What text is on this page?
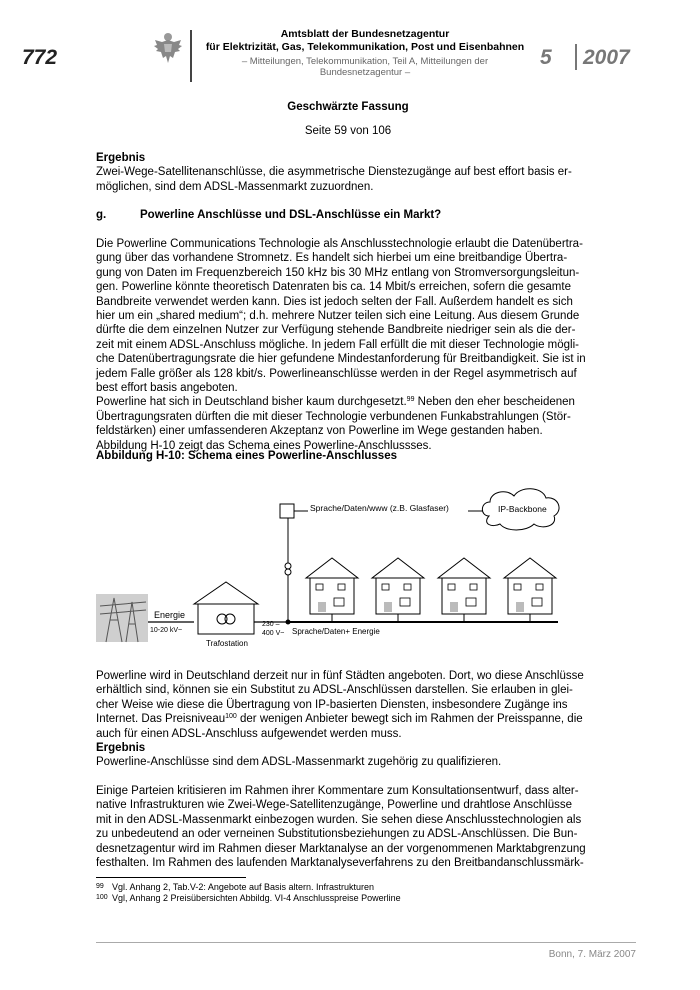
772
Amtsblatt der Bundesnetzagentur
für Elektrizität, Gas, Telekommunikation, Post und Eisenbahnen
– Mitteilungen, Telekommunikation, Teil A, Mitteilungen der Bundesnetzagentur –
5 2007
Geschwärzte Fassung
Seite 59 von 106
Ergebnis
Zwei-Wege-Satellitenanschlüsse, die asymmetrische Dienstezugänge auf best effort basis er-
möglichen, sind dem ADSL-Massenmarkt zuzuordnen.
g.	Powerline Anschlüsse und DSL-Anschlüsse ein Markt?
Die Powerline Communications Technologie als Anschlusstechnologie erlaubt die Datenübertra-
gung über das vorhandene Stromnetz. Es handelt sich hierbei um eine breitbandige Übertra-
gung von Daten im Frequenzbereich 150 kHz bis 30 MHz entlang von Stromversorgungsleitun-
gen. Powerline könnte theoretisch Datenraten bis ca. 14 Mbit/s erreichen, sofern die gesamte
Bandbreite verwendet werden kann. Dies ist jedoch selten der Fall. Außerdem handelt es sich
hier um ein „shared medium“; d.h. mehrere Nutzer teilen sich eine Leitung. Aus diesem Grunde
dürfte die dem einzelnen Nutzer zur Verfügung stehende Bandbreite niedriger sein als die der-
zeit mit einem ADSL-Anschluss mögliche. In jedem Fall erfüllt die mit dieser Technologie mögli-
che Datenübertragungsrate die hier gefundene Mindestanforderung für Breitbandigkeit. Sie ist in
jedem Falle größer als 128 kbit/s. Powerlineanschlüsse werden in der Regel asymmetrisch auf
best effort basis angeboten.
Powerline hat sich in Deutschland bisher kaum durchgesetzt.$^{99}$ Neben den eher bescheidenen
Übertragungsraten dürften die mit dieser Technologie verbundenen Funkabstrahlungen (Stör-
feldstärken) einer umfassenderen Akzeptanz von Powerline im Wege gestanden haben.
Abbildung H-10 zeigt das Schema eines Powerline-Anschlussses.
Abbildung H-10: Schema eines Powerline-Anschlusses
Energie
10-20 kV~
Trafostation
230 –
400 V~ Sprache/Daten+ Energie
Sprache/Daten/www (z.B. Glasfaser)	IP-Backbone
Powerline wird in Deutschland derzeit nur in fünf Städten angeboten. Dort, wo diese Anschlüsse
erhältlich sind, können sie ein Substitut zu ADSL-Anschlüssen darstellen. Sie erlauben in glei-
cher Weise wie diese die Übertragung von IP-basierten Diensten, insbesondere Zugänge ins
Internet. Das Preisniveau$^{100}$ der wenigen Anbieter bewegt sich im Rahmen der Preisspanne, die
auch für einen ADSL-Anschluss aufgewendet werden muss.
Ergebnis
Powerline-Anschlüsse sind dem ADSL-Massenmarkt zugehörig zu qualifizieren.
Einige Parteien kritisieren im Rahmen ihrer Kommentare zum Konsultationsentwurf, dass alter-
native Infrastrukturen wie Zwei-Wege-Satellitenzugänge, Powerline und drahtlose Anschlüsse
mit in den ADSL-Massenmarkt einbezogen wurden. Sie sehen diese Anschlusstechnologien als
zu unbedeutend an oder verneinen Substitutionsbeziehungen zu ADSL-Anschlüssen. Die Bun-
desnetzagentur wird im Rahmen dieser Marktanalyse an der vorgenommenen Marktabgrenzung
festhalten. Im Rahmen des laufenden Marktanalyseverfahrens zu den Breitbandanschlussmärk-
99 Vgl. Anhang 2, Tab.V-2: Angebote auf Basis altern. Infrastrukturen
100 Vgl, Anhang 2 Preisübersichten Abbildg. VI-4 Anschlusspreise Powerline
Bonn, 7. März 2007
